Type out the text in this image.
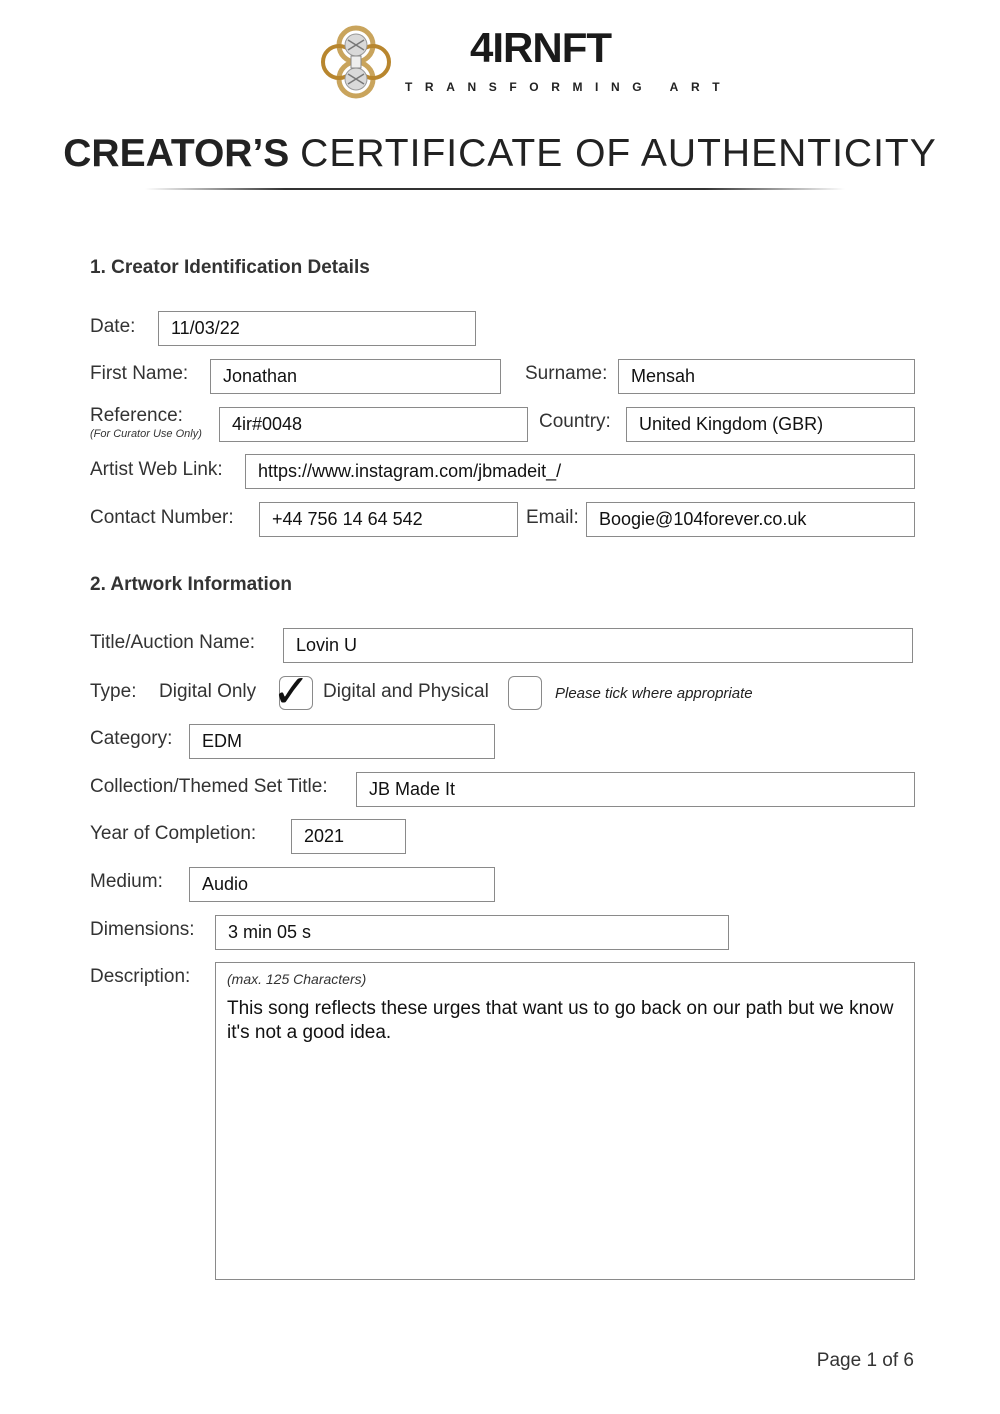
4IRNFT
TRANSFORMING ART
CREATOR’S CERTIFICATE OF AUTHENTICITY
1. Creator Identification Details
Date:	11/03/22
First Name:	Jonathan	Surname:	Mensah
Reference:
(For Curator Use Only)	4ir#0048	Country:	United Kingdom (GBR)
Artist Web Link:	https://www.instagram.com/jbmadeit_/
Contact Number:	+44 756 14 64 542	Email:	Boogie@104forever.co.uk
2. Artwork Information
Title/Auction Name:	Lovin U
Type: Digital Only ✓ Digital and Physical	Please tick where appropriate
Category:	EDM
Collection/Themed Set Title:	JB Made It
Year of Completion:	2021
Medium:	Audio
Dimensions:	3 min 05 s
Description:	(max. 125 Characters)
This song reflects these urges that want us to go back on our path but we know it's not a good idea.
Page 1 of 6
